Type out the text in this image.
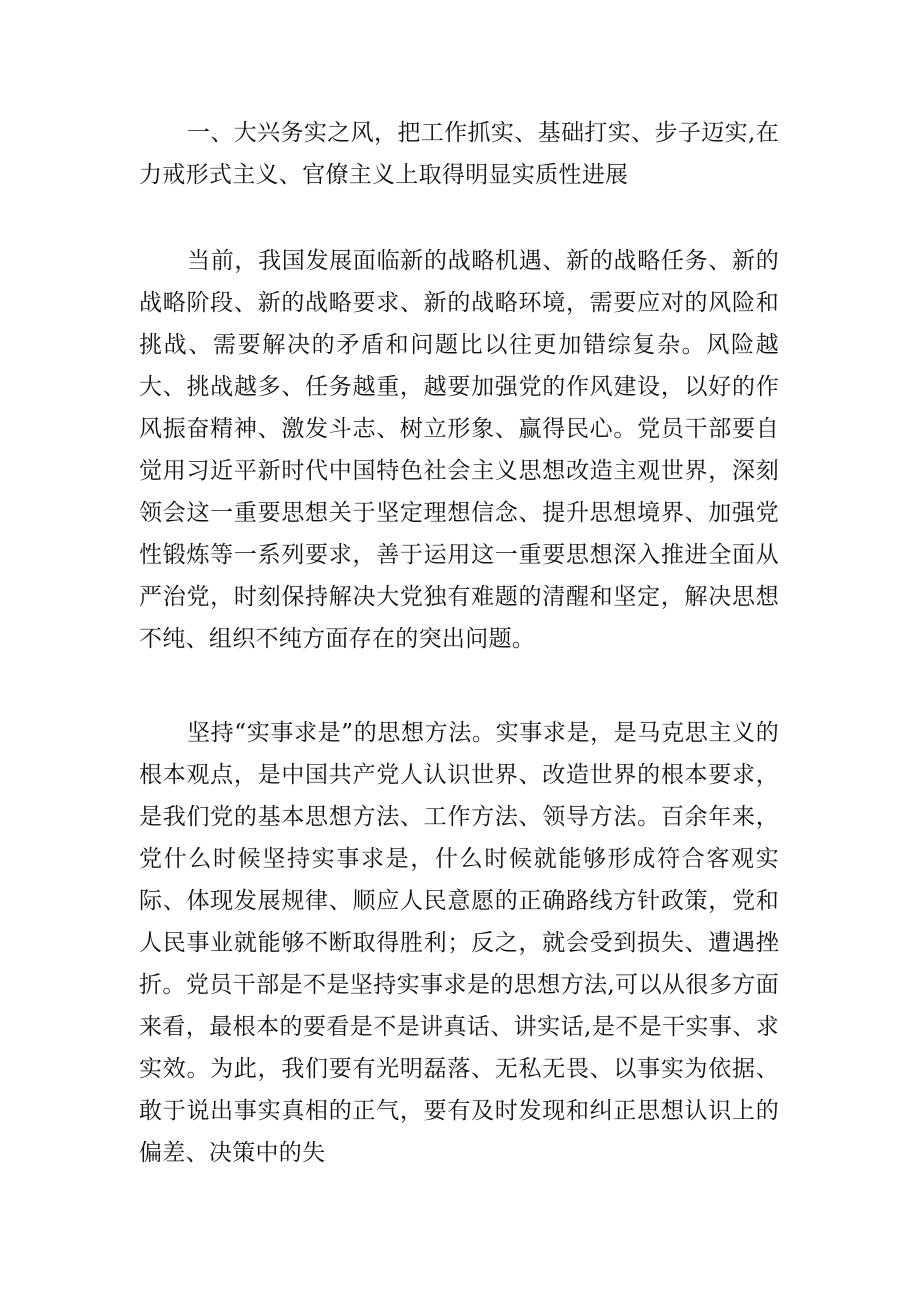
一、大兴务实之风，把工作抓实、基础打实、步子迈实,在力戒形式主义、官僚主义上取得明显实质性进展

当前，我国发展面临新的战略机遇、新的战略任务、新的战略阶段、新的战略要求、新的战略环境，需要应对的风险和挑战、需要解决的矛盾和问题比以往更加错综复杂。风险越大、挑战越多、任务越重，越要加强党的作风建设，以好的作风振奋精神、激发斗志、树立形象、赢得民心。党员干部要自觉用习近平新时代中国特色社会主义思想改造主观世界，深刻领会这一重要思想关于坚定理想信念、提升思想境界、加强党性锻炼等一系列要求，善于运用这一重要思想深入推进全面从严治党，时刻保持解决大党独有难题的清醒和坚定，解决思想不纯、组织不纯方面存在的突出问题。

坚持“实事求是”的思想方法。实事求是，是马克思主义的根本观点，是中国共产党人认识世界、改造世界的根本要求，是我们党的基本思想方法、工作方法、领导方法。百余年来，党什么时候坚持实事求是，什么时候就能够形成符合客观实际、体现发展规律、顺应人民意愿的正确路线方针政策，党和人民事业就能够不断取得胜利；反之，就会受到损失、遭遇挫折。党员干部是不是坚持实事求是的思想方法,可以从很多方面来看，最根本的要看是不是讲真话、讲实话,是不是干实事、求实效。为此，我们要有光明磊落、无私无畏、以事实为依据、敢于说出事实真相的正气，要有及时发现和纠正思想认识上的偏差、决策中的失
